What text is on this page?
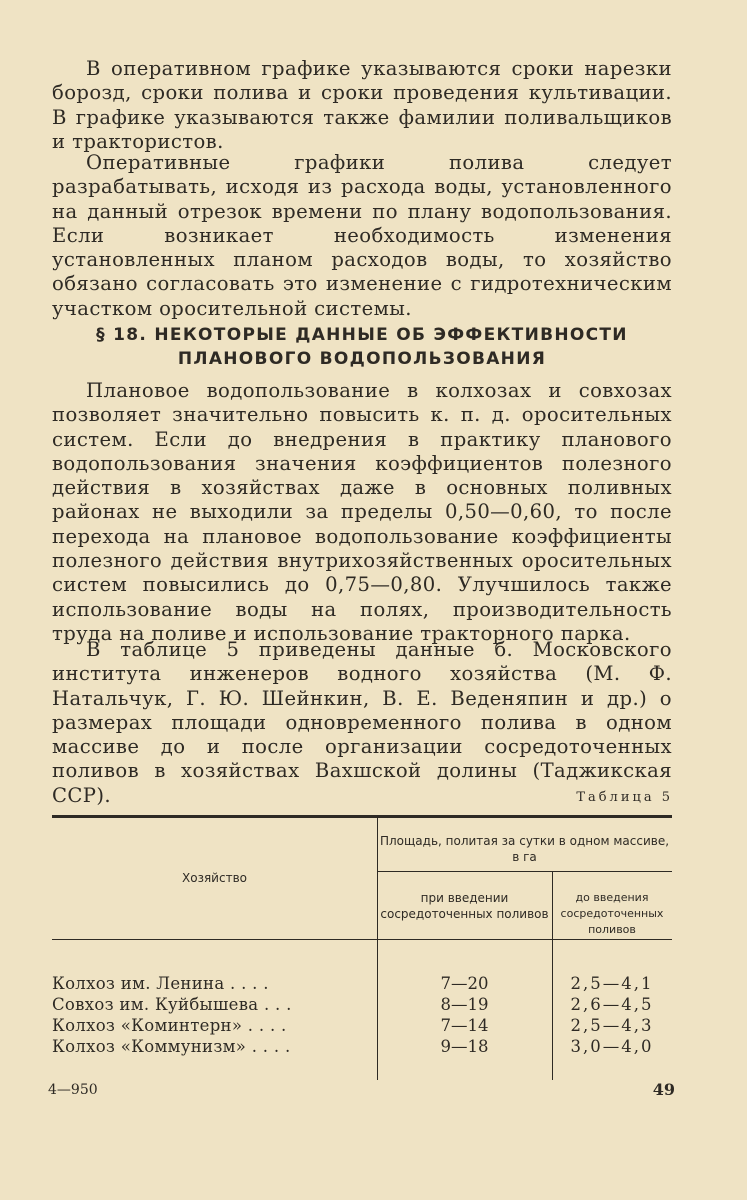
В оперативном графике указываются сроки нарезки борозд, сроки полива и сроки проведения культивации. В графике указываются также фамилии поливальщиков и трактористов.

Оперативные графики полива следует разрабатывать, исходя из расхода воды, установленного на данный отрезок времени по плану водопользования. Если возникает необходимость изменения установленных планом расходов воды, то хозяйство обязано согласовать это изменение с гидротехническим участком оросительной системы.

§ 18. НЕКОТОРЫЕ ДАННЫЕ ОБ ЭФФЕКТИВНОСТИ
ПЛАНОВОГО ВОДОПОЛЬЗОВАНИЯ

Плановое водопользование в колхозах и совхозах позволяет значительно повысить к. п. д. оросительных систем. Если до внедрения в практику планового водопользования значения коэффициентов полезного действия в хозяйствах даже в основных поливных районах не выходили за пределы 0,50—0,60, то после перехода на плановое водопользование коэффициенты полезного действия внутрихозяйственных оросительных систем повысились до 0,75—0,80. Улучшилось также использование воды на полях, производительность труда на поливе и использование тракторного парка.

В таблице 5 приведены данные б. Московского института инженеров водного хозяйства (М. Ф. Натальчук, Г. Ю. Шейнкин, В. Е. Веденяпин и др.) о размерах площади одновременного полива в одном массиве до и после организации сосредоточенных поливов в хозяйствах Вахшской долины (Таджикская ССР).	Таблица 5
Хозяйство
Площадь, политая за сутки в одном массиве, в га
при введении сосредоточенных поливов
до введения сосредоточенных поливов
Колхоз им. Ленина . . . .	7—20	2,5—4,1
Совхоз им. Куйбышева . . .	8—19	2,6—4,5
Колхоз «Коминтерн» . . . .	7—14	2,5—4,3
Колхоз «Коммунизм» . . . .	9—18	3,0—4,0
4—950	49
